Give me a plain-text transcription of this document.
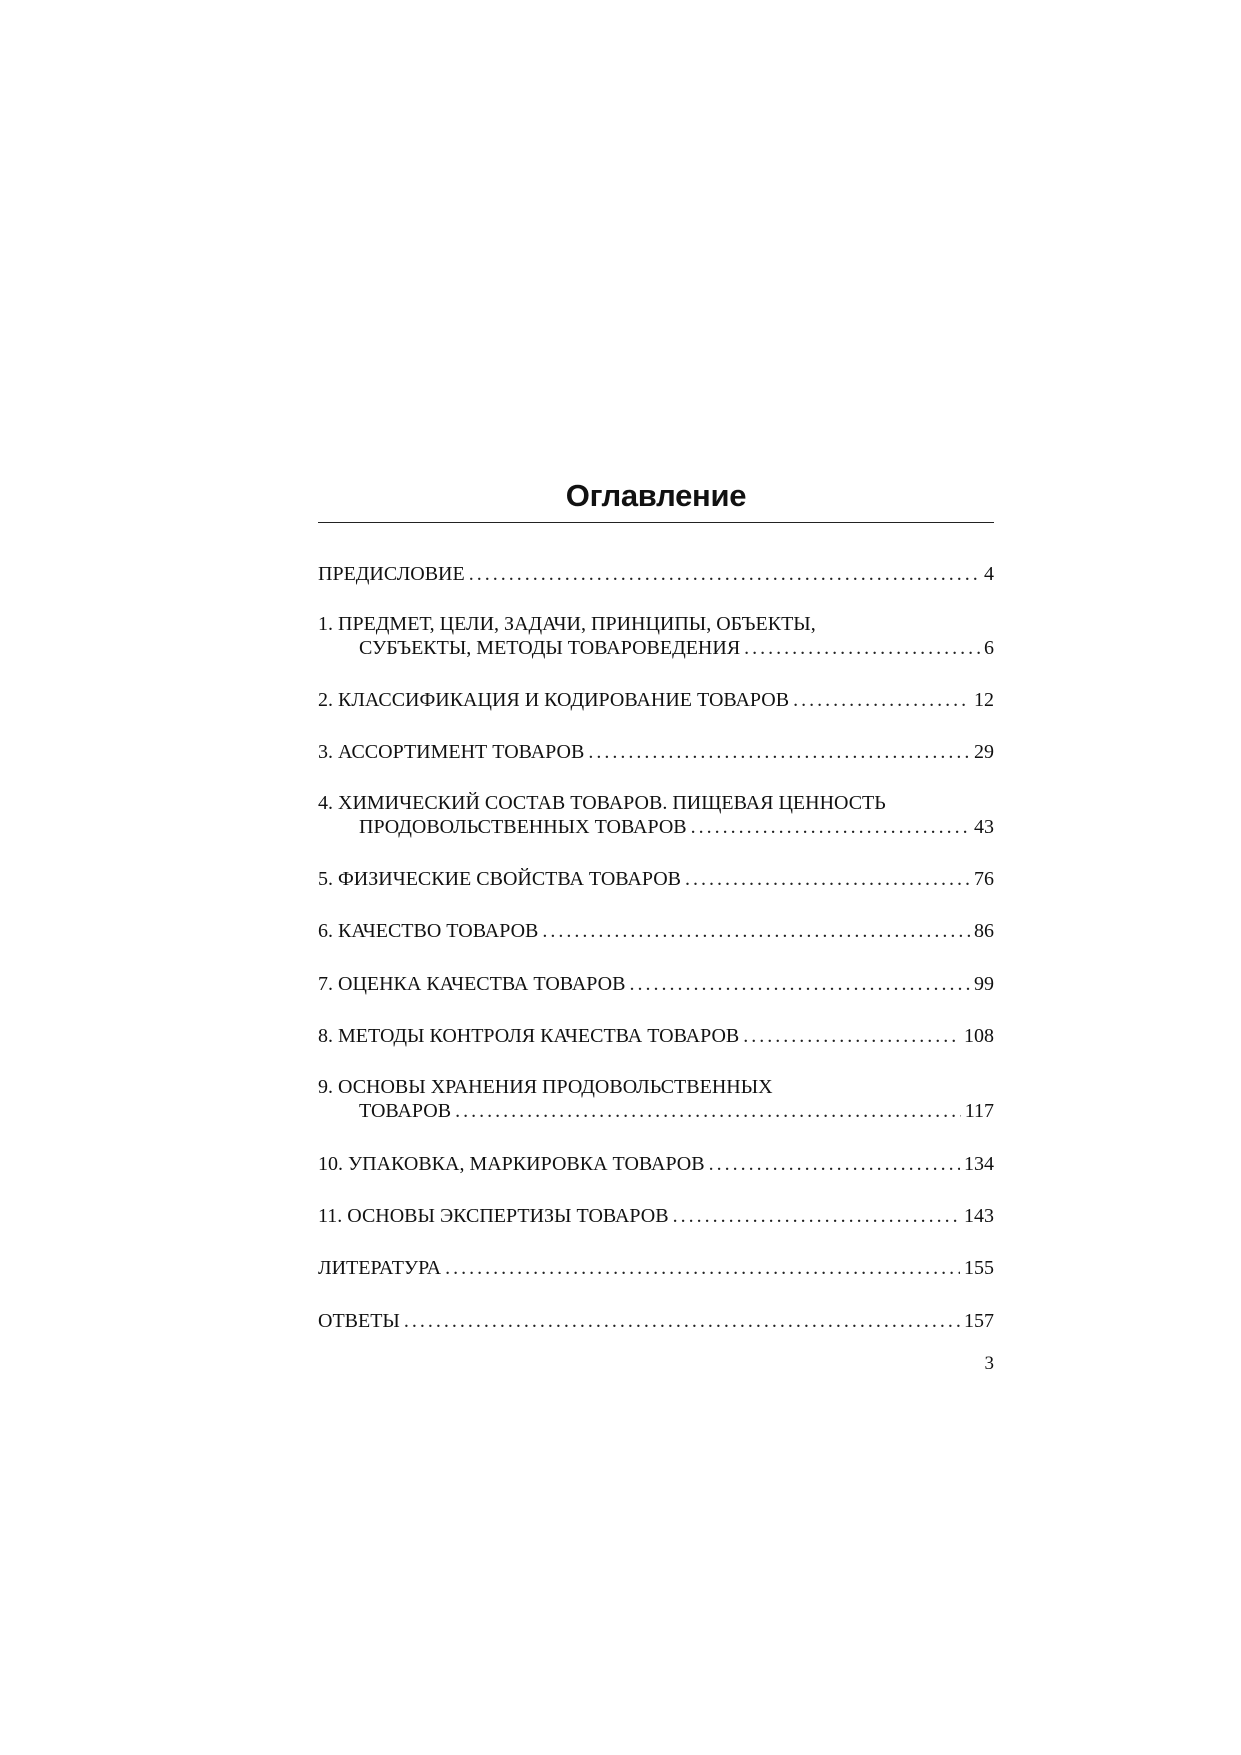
Оглавление
ПРЕДИСЛОВИЕ . . .	4
1. ПРЕДМЕТ, ЦЕЛИ, ЗАДАЧИ, ПРИНЦИПЫ, ОБЪЕКТЫ,
СУБЪЕКТЫ, МЕТОДЫ ТОВАРОВЕДЕНИЯ . . .	6
2. КЛАССИФИКАЦИЯ И КОДИРОВАНИЕ ТОВАРОВ . . .	12
3. АССОРТИМЕНТ ТОВАРОВ . . .	29
4. ХИМИЧЕСКИЙ СОСТАВ ТОВАРОВ. ПИЩЕВАЯ ЦЕННОСТЬ
ПРОДОВОЛЬСТВЕННЫХ ТОВАРОВ . . .	43
5. ФИЗИЧЕСКИЕ СВОЙСТВА ТОВАРОВ . . .	76
6. КАЧЕСТВО ТОВАРОВ . . .	86
7. ОЦЕНКА КАЧЕСТВА ТОВАРОВ . . .	99
8. МЕТОДЫ КОНТРОЛЯ КАЧЕСТВА ТОВАРОВ . . .	108
9. ОСНОВЫ ХРАНЕНИЯ ПРОДОВОЛЬСТВЕННЫХ
ТОВАРОВ . . .	117
10. УПАКОВКА, МАРКИРОВКА ТОВАРОВ . . .	134
11. ОСНОВЫ ЭКСПЕРТИЗЫ ТОВАРОВ . . .	143
ЛИТЕРАТУРА . . .	155
ОТВЕТЫ . . .	157
3
